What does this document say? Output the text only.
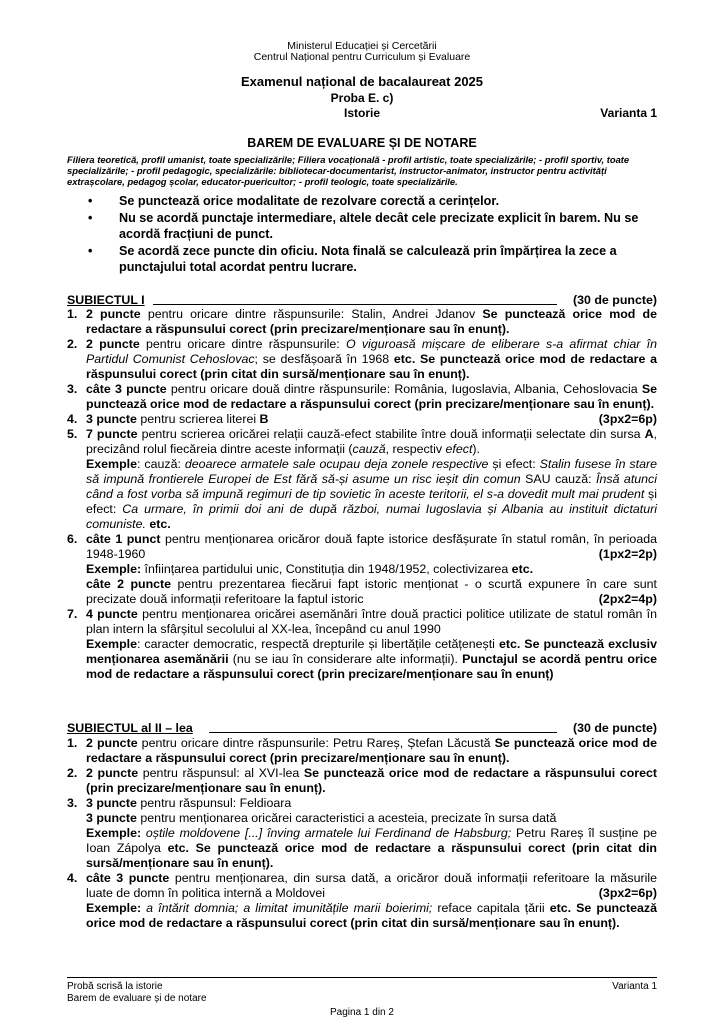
Ministerul Educației și Cercetării
Centrul Național pentru Curriculum și Evaluare
Examenul național de bacalaureat 2025
Proba E. c)
Istorie	Varianta 1
BAREM DE EVALUARE ȘI DE NOTARE
Filiera teoretică, profil umanist, toate specializările; Filiera vocațională - profil artistic, toate specializările; - profil sportiv, toate specializările; - profil pedagogic, specializările: bibliotecar-documentarist, instructor-animator, instructor pentru activități extrașcolare, pedagog școlar, educator-puericultor; - profil teologic, toate specializările.
• Se punctează orice modalitate de rezolvare corectă a cerințelor.
• Nu se acordă punctaje intermediare, altele decât cele precizate explicit în barem. Nu se acordă fracțiuni de punct.
• Se acordă zece puncte din oficiu. Nota finală se calculează prin împărțirea la zece a punctajului total acordat pentru lucrare.
SUBIECTUL I	(30 de puncte)
1. 2 puncte pentru oricare dintre răspunsurile: Stalin, Andrei Jdanov Se punctează orice mod de redactare a răspunsului corect (prin precizare/menționare sau în enunț).
2. 2 puncte pentru oricare dintre răspunsurile: O viguroasă mișcare de eliberare s-a afirmat chiar în Partidul Comunist Cehoslovac; se desfășoară în 1968 etc. Se punctează orice mod de redactare a răspunsului corect (prin citat din sursă/menționare sau în enunț).
3. câte 3 puncte pentru oricare două dintre răspunsurile: România, Iugoslavia, Albania, Cehoslovacia Se punctează orice mod de redactare a răspunsului corect (prin precizare/menționare sau în enunț).
(3px2=6p)
4. 3 puncte pentru scrierea literei B
5. 7 puncte pentru scrierea oricărei relații cauză-efect stabilite între două informații selectate din sursa A, precizând rolul fiecăreia dintre aceste informații (cauză, respectiv efect).
Exemple: cauză: deoarece armatele sale ocupau deja zonele respective și efect: Stalin fusese în stare să impună frontierele Europei de Est fără să-și asume un risc ieșit din comun SAU cauză: Însă atunci când a fost vorba să impună regimuri de tip sovietic în aceste teritorii, el s-a dovedit mult mai prudent și efect: Ca urmare, în primii doi ani de după război, numai Iugoslavia și Albania au instituit dictaturi comuniste. etc.
6. câte 1 punct pentru menționarea oricăror două fapte istorice desfășurate în statul român, în perioada 1948-1960	(1px2=2p)

Exemple: înființarea partidului unic, Constituția din 1948/1952, colectivizarea etc.
câte 2 puncte pentru prezentarea fiecărui fapt istoric menționat - o scurtă expunere în care sunt precizate două informații referitoare la faptul istoric	(2px2=4p)
7. 4 puncte pentru menționarea oricărei asemănări între două practici politice utilizate de statul român în plan intern la sfârșitul secolului al XX-lea, începând cu anul 1990
Exemple: caracter democratic, respectă drepturile și libertățile cetățenești etc. Se punctează exclusiv menționarea asemănării (nu se iau în considerare alte informații). Punctajul se acordă pentru orice mod de redactare a răspunsului corect (prin precizare/menționare sau în enunț)
SUBIECTUL al II – lea	(30 de puncte)
1. 2 puncte pentru oricare dintre răspunsurile: Petru Rareș, Ștefan Lăcustă Se punctează orice mod de redactare a răspunsului corect (prin precizare/menționare sau în enunț).
2. 2 puncte pentru răspunsul: al XVI-lea Se punctează orice mod de redactare a răspunsului corect (prin precizare/menționare sau în enunț).
3. 3 puncte pentru răspunsul: Feldioara
3 puncte pentru menționarea oricărei caracteristici a acesteia, precizate în sursa dată
Exemple: oștile moldovene [...] înving armatele lui Ferdinand de Habsburg; Petru Rareș îl susține pe Ioan Zápolya etc. Se punctează orice mod de redactare a răspunsului corect (prin citat din sursă/menționare sau în enunț).
4. câte 3 puncte pentru menționarea, din sursa dată, a oricăror două informații referitoare la măsurile luate de domn în politica internă a Moldovei	(3px2=6p)

Exemple: a întărit domnia; a limitat imunitățile marii boierimi; reface capitala țării etc. Se punctează orice mod de redactare a răspunsului corect (prin citat din sursă/menționare sau în enunț).
Probă scrisă la istorie	Varianta 1
Barem de evaluare și de notare
Pagina 1 din 2
